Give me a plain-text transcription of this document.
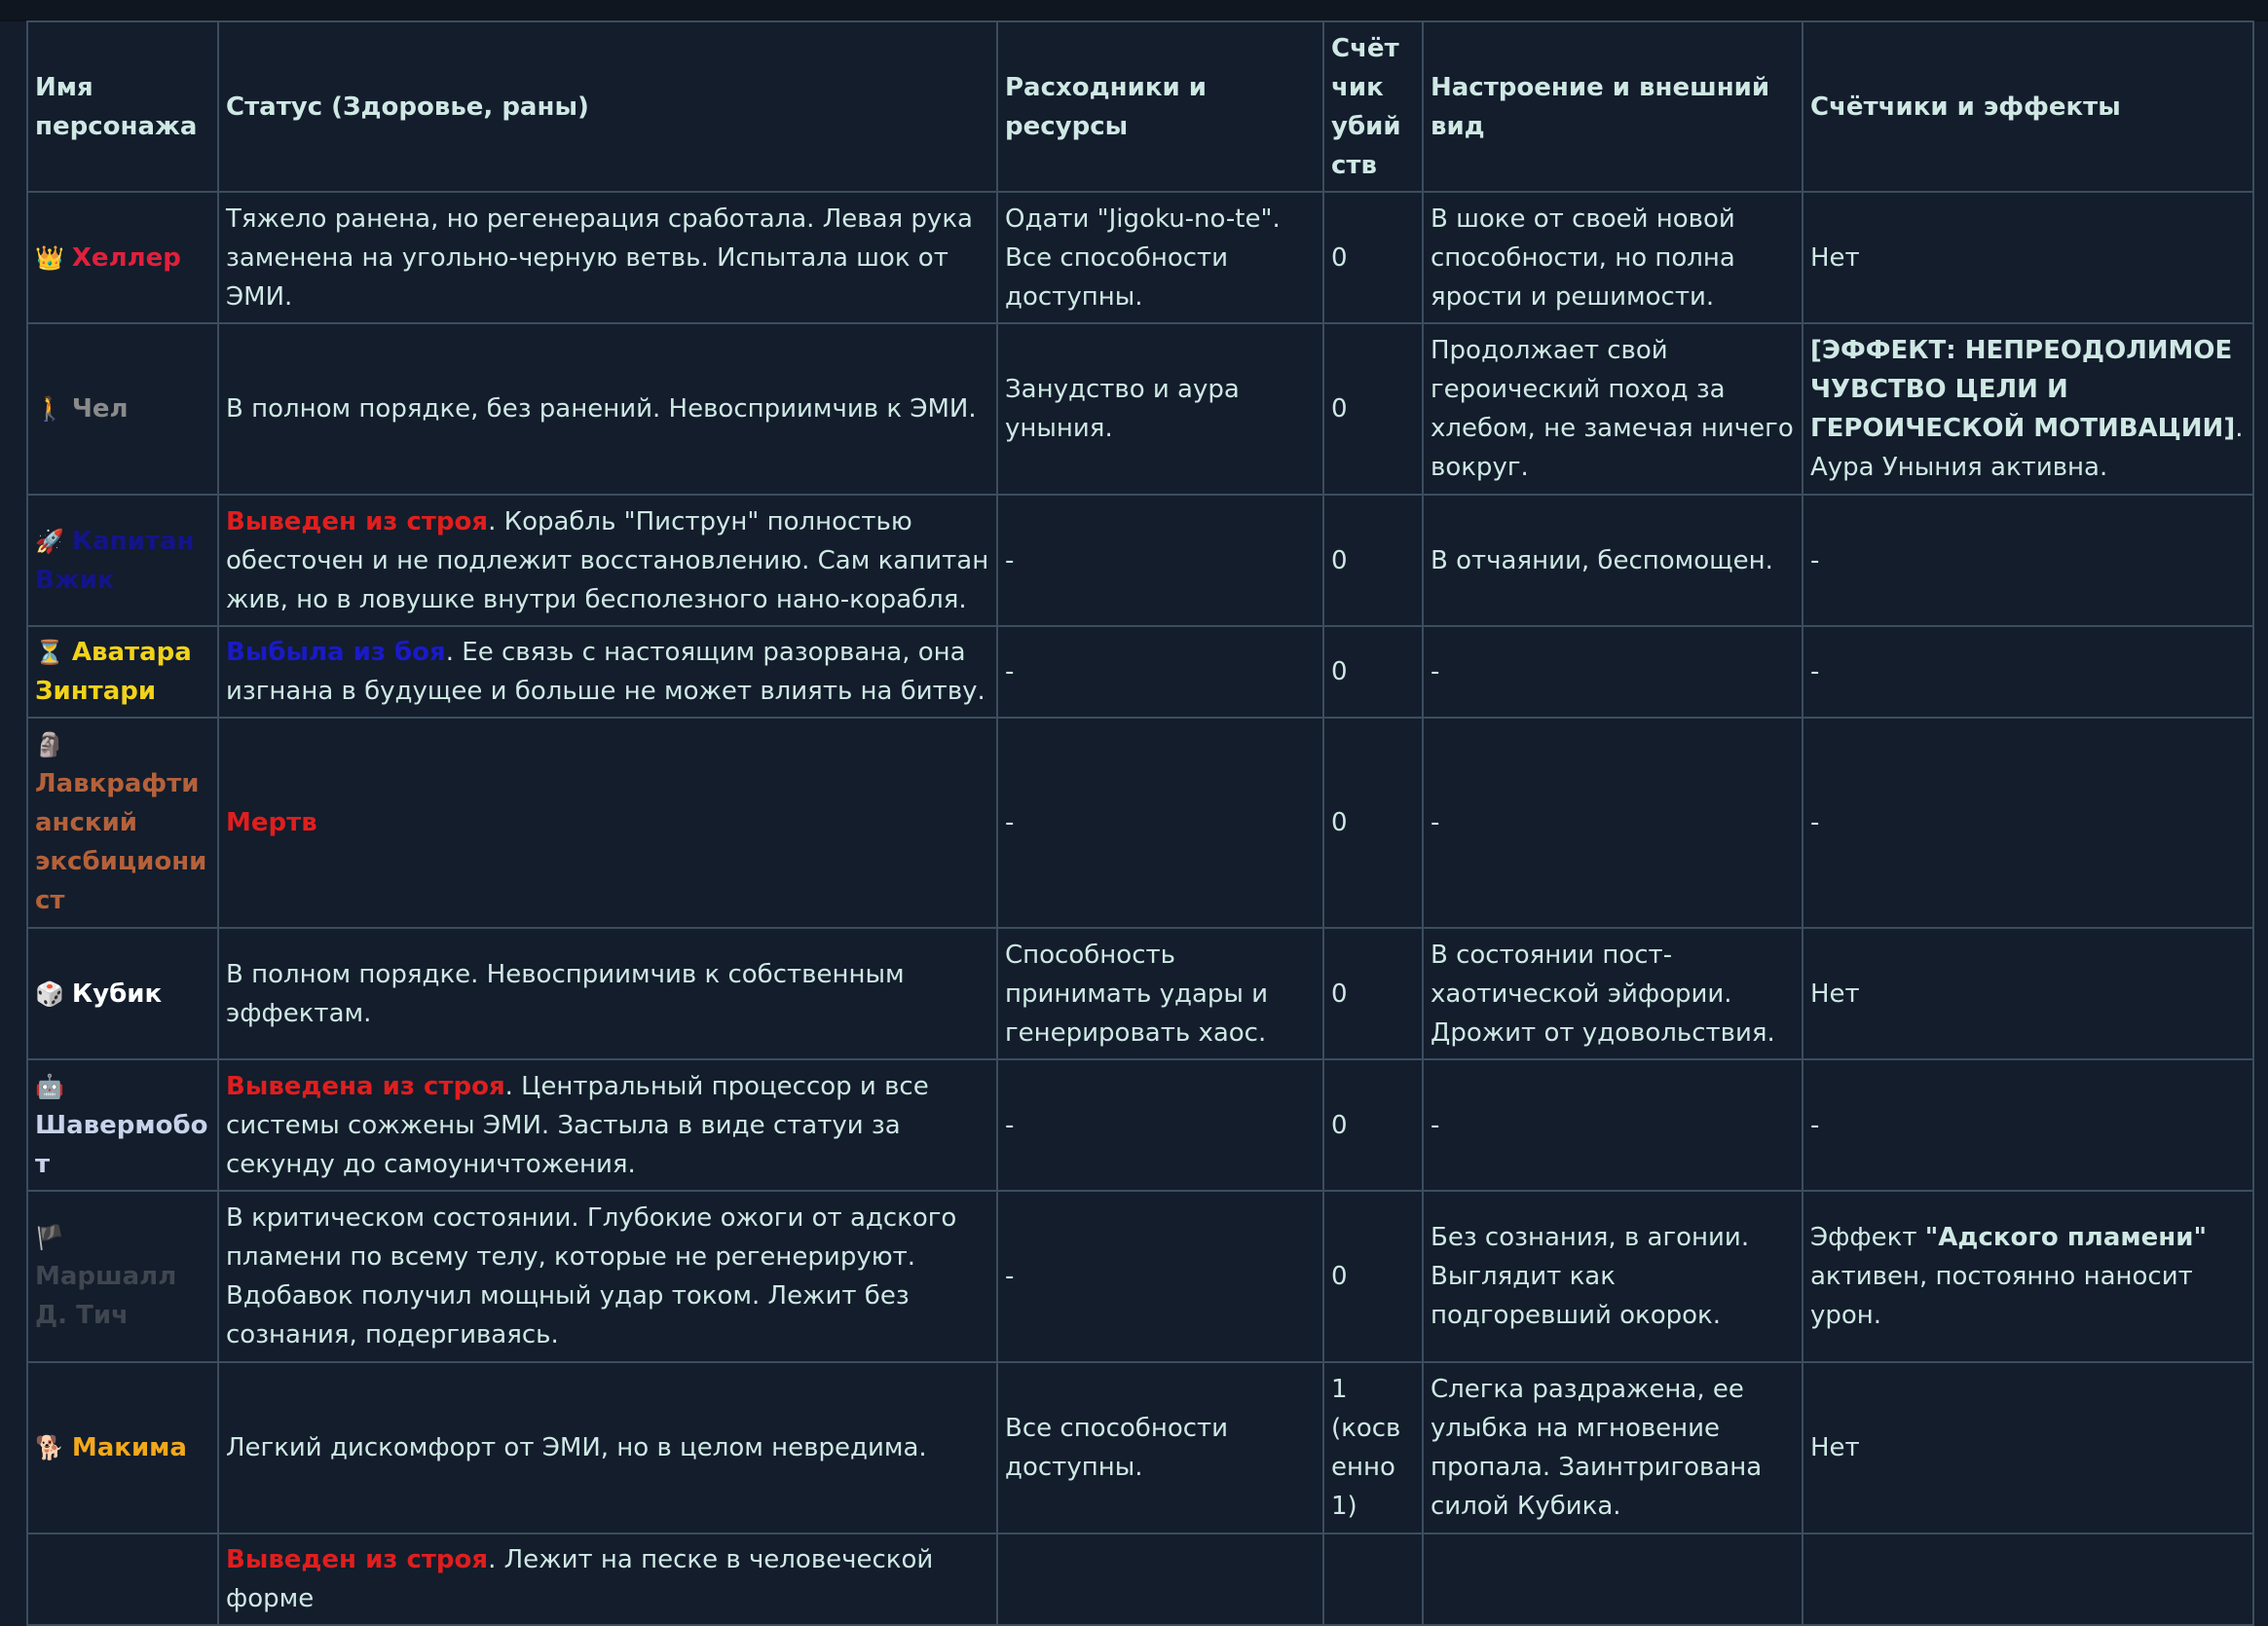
Имя персонажа	Статус (Здоровье, раны)	Расходники и ресурсы	Счётчик убийств	Настроение и внешний вид	Счётчики и эффекты
👑 Хеллер	Тяжело ранена, но регенерация сработала. Левая рука заменена на угольно-черную ветвь. Испытала шок от ЭМИ.	Одати "Jigoku-no-te". Все способности доступны.	0	В шоке от своей новой способности, но полна ярости и решимости.	Нет
🚶 Чел	В полном порядке, без ранений. Невосприимчив к ЭМИ.	Занудство и аура уныния.	0	Продолжает свой героический поход за хлебом, не замечая ничего вокруг.	[ЭФФЕКТ: НЕПРЕОДОЛИМОЕ ЧУВСТВО ЦЕЛИ И ГЕРОИЧЕСКОЙ МОТИВАЦИИ]. Аура Уныния активна.
🚀 Капитан Вжик	Выведен из строя. Корабль "Пиструн" полностью обесточен и не подлежит восстановлению. Сам капитан жив, но в ловушке внутри бесполезного нано-корабля.	-	0	В отчаянии, беспомощен.	-
⏳ Аватара Зинтари	Выбыла из боя. Ее связь с настоящим разорвана, она изгнана в будущее и больше не может влиять на битву.	-	0	-	-
🗿Лавкрафтианский эксбиционист	Мертв	-	0	-	-
🎲 Кубик	В полном порядке. Невосприимчив к собственным эффектам.	Способность принимать удары и генерировать хаос.	0	В состоянии пост-хаотической эйфории. Дрожит от удовольствия.	Нет
🤖Шавермобот	Выведена из строя. Центральный процессор и все системы сожжены ЭМИ. Застыла в виде статуи за секунду до самоуничтожения.	-	0	-	-
🏴Маршалл Д. Тич	В критическом состоянии. Глубокие ожоги от адского пламени по всему телу, которые не регенерируют. Вдобавок получил мощный удар током. Лежит без сознания, подергиваясь.	-	0	Без сознания, в агонии. Выглядит как подгоревший окорок.	Эффект "Адского пламени" активен, постоянно наносит урон.
🐕 Макима	Легкий дискомфорт от ЭМИ, но в целом невредима.	Все способности доступны.	1 (косвенно 1)	Слегка раздражена, ее улыбка на мгновение пропала. Заинтригована силой Кубика.	Нет
	Выведен из строя. Лежит на песке в человеческой форме				
